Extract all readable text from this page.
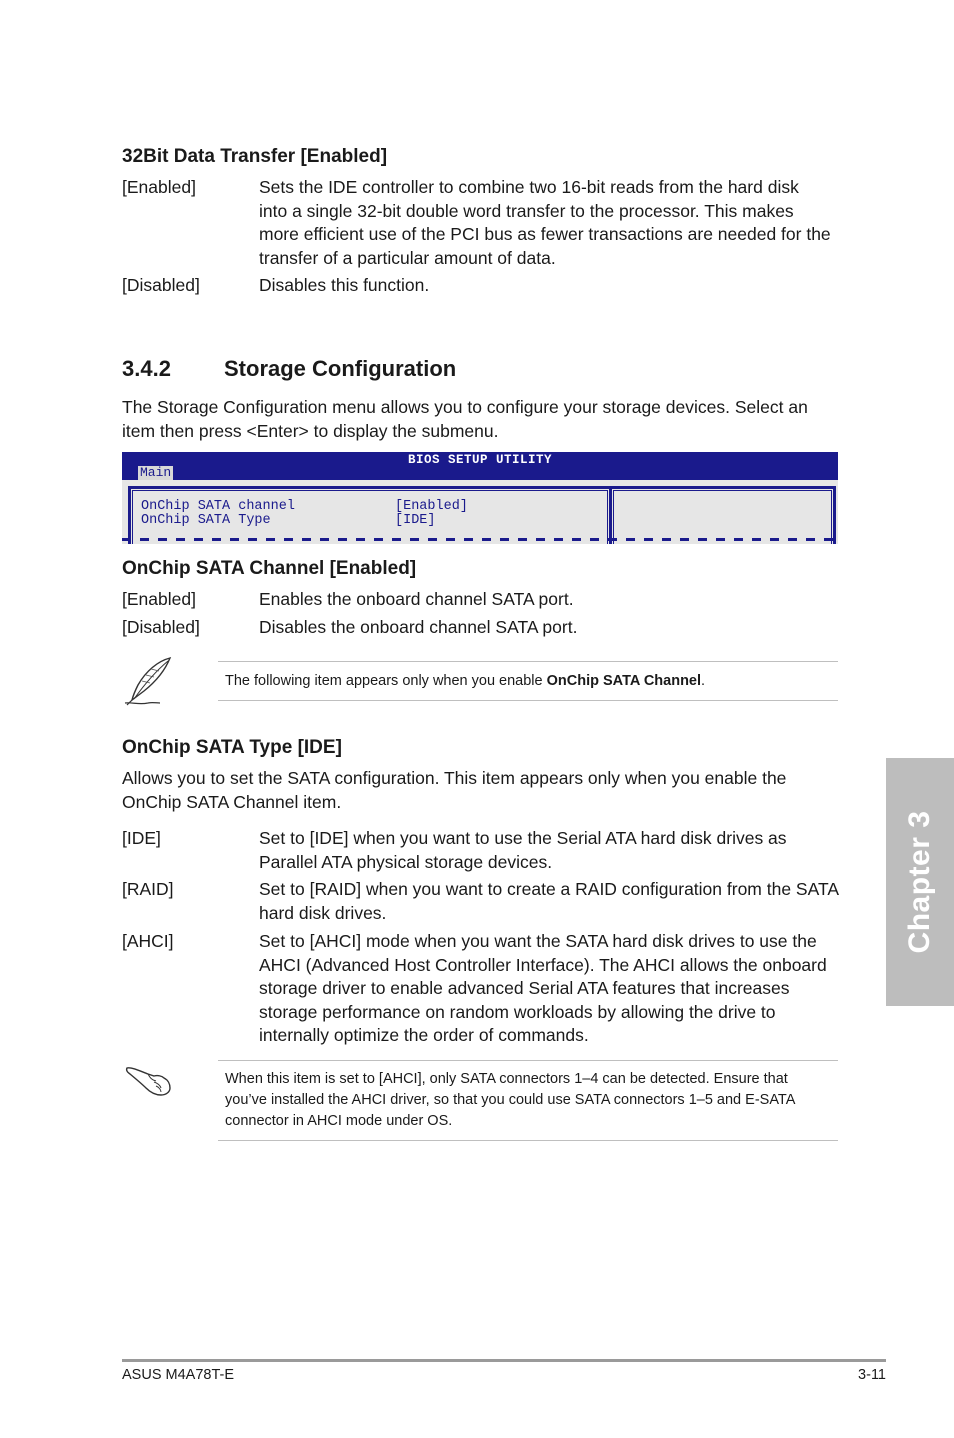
32Bit Data Transfer [Enabled]
[Enabled]	Sets the IDE controller to combine two 16-bit reads from the hard disk into a single 32-bit double word transfer to the processor. This makes more efficient use of the PCI bus as fewer transactions are needed for the transfer of a particular amount of data.
[Disabled]	Disables this function.
3.4.2 Storage Configuration
The Storage Configuration menu allows you to configure your storage devices. Select an item then press <Enter> to display the submenu.
BIOS SETUP UTILITY
Main
OnChip SATA channel	[Enabled]
OnChip SATA Type	[IDE]
OnChip SATA Channel [Enabled]
[Enabled]	Enables the onboard channel SATA port.
[Disabled]	Disables the onboard channel SATA port.
The following item appears only when you enable OnChip SATA Channel.
OnChip SATA Type [IDE]
Allows you to set the SATA configuration. This item appears only when you enable the OnChip SATA Channel item.
[IDE]	Set to [IDE] when you want to use the Serial ATA hard disk drives as Parallel ATA physical storage devices.
[RAID]	Set to [RAID] when you want to create a RAID configuration from the SATA hard disk drives.
[AHCI]	Set to [AHCI] mode when you want the SATA hard disk drives to use the AHCI (Advanced Host Controller Interface). The AHCI allows the onboard storage driver to enable advanced Serial ATA features that increases storage performance on random workloads by allowing the drive to internally optimize the order of commands.
When this item is set to [AHCI], only SATA connectors 1–4 can be detected. Ensure that you’ve installed the AHCI driver, so that you could use SATA connectors 1–5 and E-SATA connector in AHCI mode under OS.
Chapter 3
ASUS M4A78T-E	3-11
